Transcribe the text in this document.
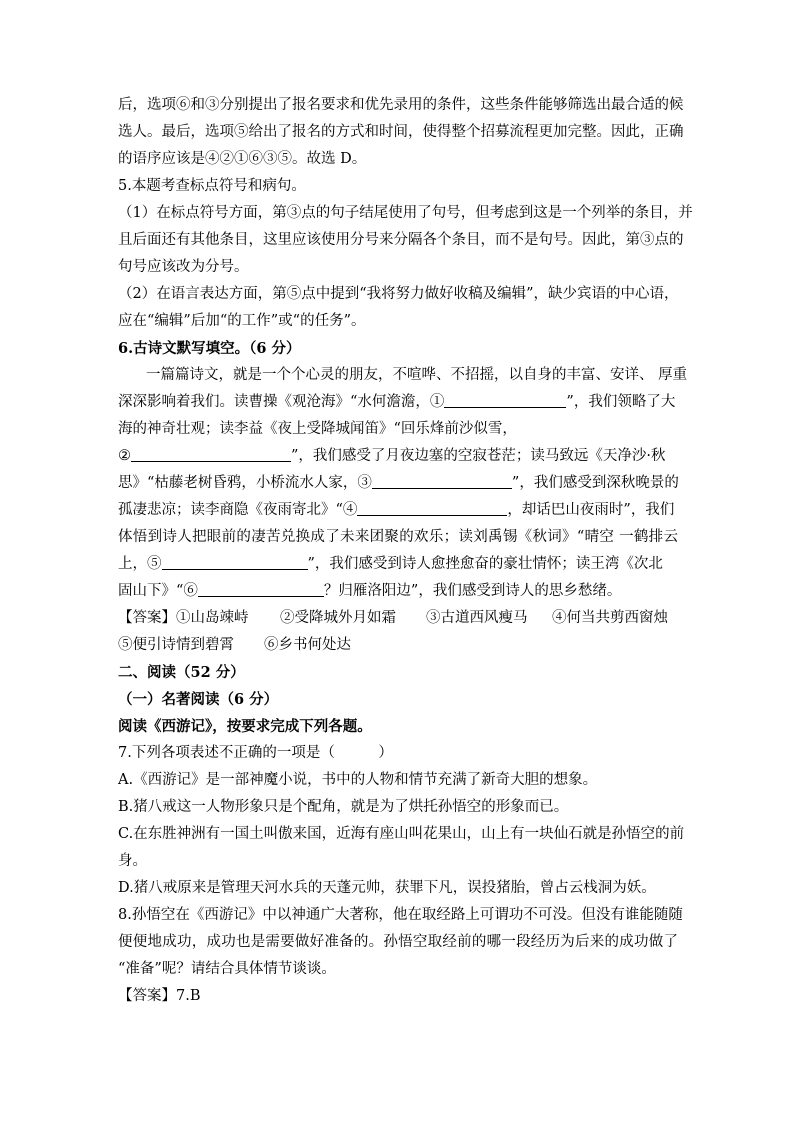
后，选项⑥和③分别提出了报名要求和优先录用的条件，这些条件能够筛选出最合适的候
选人。最后，选项⑤给出了报名的方式和时间，使得整个招募流程更加完整。因此，正确
的语序应该是④②①⑥③⑤。故选 D。
5.本题考查标点符号和病句。
（1）在标点符号方面，第③点的句子结尾使用了句号，但考虑到这是一个列举的条目，并
且后面还有其他条目，这里应该使用分号来分隔各个条目，而不是句号。因此，第③点的
句号应该改为分号。
（2）在语言表达方面，第⑤点中提到“我将努力做好收稿及编辑”，缺少宾语的中心语，
应在“编辑”后加“的工作”或“的任务”。
6.古诗文默写填空。（6 分）
一篇篇诗文，就是一个个心灵的朋友，不喧哗、不招摇，以自身的丰富、安详、 厚重
深深影响着我们。读曹操《观沧海》“水何澹澹，①	”，我们领略了大
海的神奇壮观；读李益《夜上受降城闻笛》“回乐烽前沙似雪，
②	”，我们感受了月夜边塞的空寂苍茫；读马致远《天净沙·秋
思》“枯藤老树昏鸦，小桥流水人家，③	”，我们感受到深秋晚景的
孤凄悲凉；读李商隐《夜雨寄北》“④	，却话巴山夜雨时”，我们
体悟到诗人把眼前的凄苦兑换成了未来团聚的欢乐；读刘禹锡《秋词》“晴空 一鹤排云
上，⑤	”，我们感受到诗人愈挫愈奋的豪壮情怀；读王湾《次北
固山下》“⑥	？归雁洛阳边”，我们感受到诗人的思乡愁绪。
【答案】①山岛竦峙 ②受降城外月如霜 ③古道西风瘦马 ④何当共剪西窗烛
⑤便引诗情到碧霄 ⑥乡书何处达
二、阅读（52 分）
（一）名著阅读（6 分）
阅读《西游记》，按要求完成下列各题。
7.下列各项表述不正确的一项是（　　　）
A.《西游记》是一部神魔小说，书中的人物和情节充满了新奇大胆的想象。
B.猪八戒这一人物形象只是个配角，就是为了烘托孙悟空的形象而已。
C.在东胜神洲有一国土叫傲来国，近海有座山叫花果山，山上有一块仙石就是孙悟空的前
身。
D.猪八戒原来是管理天河水兵的天蓬元帅，获罪下凡，误投猪胎，曾占云栈洞为妖。
8.孙悟空在《西游记》中以神通广大著称，他在取经路上可谓功不可没。但没有谁能随随
便便地成功，成功也是需要做好准备的。孙悟空取经前的哪一段经历为后来的成功做了
“准备”呢？请结合具体情节谈谈。
【答案】7.B
